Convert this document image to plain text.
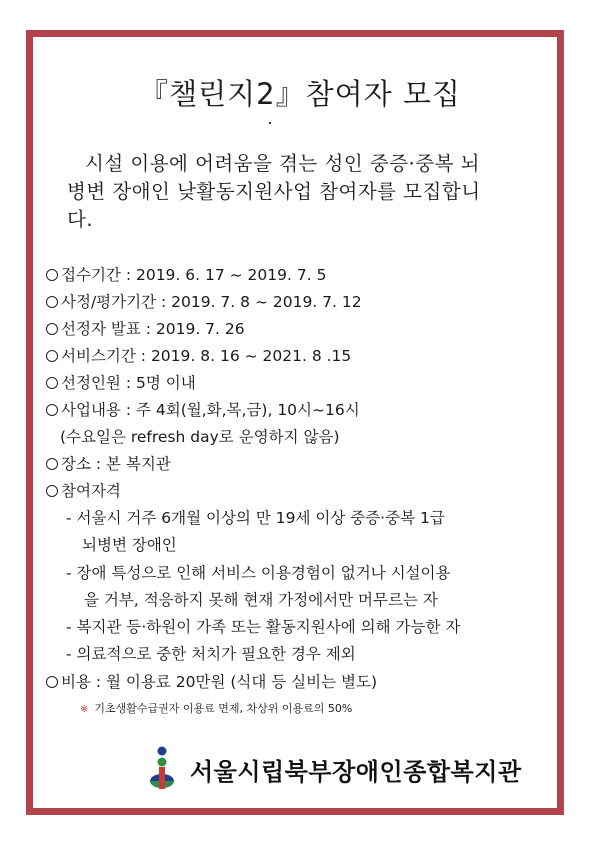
『챌린지2』참여자 모집
시설 이용에 어려움을 겪는 성인 중증·중복 뇌
병변 장애인 낮활동지원사업 참여자를 모집합니
다.
접수기간 : 2019. 6. 17 ~ 2019. 7. 5
사정/평가기간 : 2019. 7. 8 ~ 2019. 7. 12
선정자 발표 : 2019. 7. 26
서비스기간 : 2019. 8. 16 ~ 2021. 8 .15
선정인원 : 5명 이내
사업내용 : 주 4회(월,화,목,금), 10시~16시
(수요일은 refresh day로 운영하지 않음)
장소 : 본 복지관
참여자격
- 서울시 거주 6개월 이상의 만 19세 이상 중증·중복 1급
뇌병변 장애인
- 장애 특성으로 인해 서비스 이용경험이 없거나 시설이용
을 거부, 적응하지 못해 현재 가정에서만 머무르는 자
- 복지관 등·하원이 가족 또는 활동지원사에 의해 가능한 자
- 의료적으로 중한 처치가 필요한 경우 제외
비용 : 월 이용료 20만원 (식대 등 실비는 별도)
※ 기초생활수급권자 이용료 면제, 차상위 이용료의 50%
서울시립북부장애인종합복지관
